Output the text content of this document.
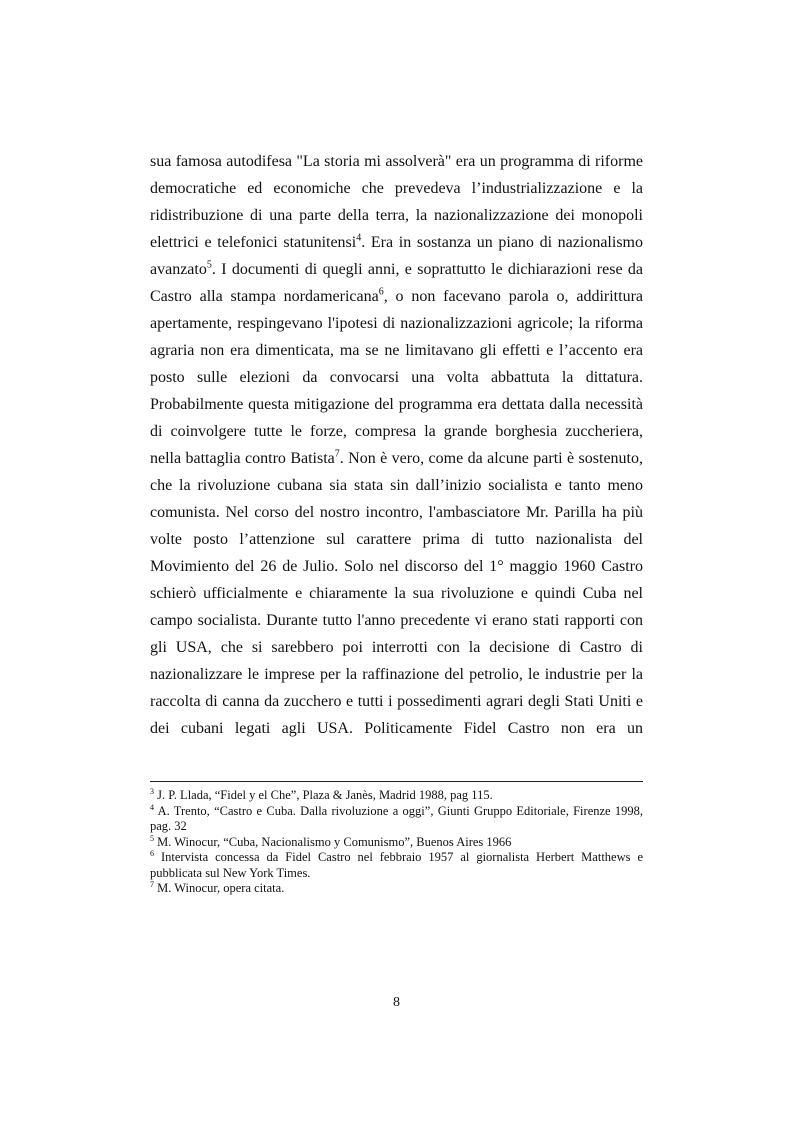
sua famosa autodifesa "La storia mi assolverà" era un programma di riforme
democratiche ed economiche che prevedeva l’industrializzazione e la
ridistribuzione di una parte della terra, la nazionalizzazione dei monopoli
elettrici e telefonici statunitensi$^4$. Era in sostanza un piano di nazionalismo
avanzato$^5$. I documenti di quegli anni, e soprattutto le dichiarazioni rese da
Castro alla stampa nordamericana$^6$, o non facevano parola o, addirittura
apertamente, respingevano l'ipotesi di nazionalizzazioni agricole; la riforma
agraria non era dimenticata, ma se ne limitavano gli effetti e l’accento era
posto sulle elezioni da convocarsi una volta abbattuta la dittatura.
Probabilmente questa mitigazione del programma era dettata dalla necessità
di coinvolgere tutte le forze, compresa la grande borghesia zuccheriera,
nella battaglia contro Batista$^7$. Non è vero, come da alcune parti è sostenuto,
che la rivoluzione cubana sia stata sin dall’inizio socialista e tanto meno
comunista. Nel corso del nostro incontro, l'ambasciatore Mr. Parilla ha più
volte posto l’attenzione sul carattere prima di tutto nazionalista del
Movimiento del 26 de Julio. Solo nel discorso del 1° maggio 1960 Castro
schierò ufficialmente e chiaramente la sua rivoluzione e quindi Cuba nel
campo socialista. Durante tutto l'anno precedente vi erano stati rapporti con
gli USA, che si sarebbero poi interrotti con la decisione di Castro di
nazionalizzare le imprese per la raffinazione del petrolio, le industrie per la
raccolta di canna da zucchero e tutti i possedimenti agrari degli Stati Uniti e
dei cubani legati agli USA. Politicamente Fidel Castro non era un
$^3$ J. P. Llada, “Fidel y el Che”, Plaza & Janès, Madrid 1988, pag 115.
$^4$ A. Trento, “Castro e Cuba. Dalla rivoluzione a oggi”, Giunti Gruppo Editoriale, Firenze 1998, pag. 32
$^5$ M. Winocur, “Cuba, Nacionalismo y Comunismo”, Buenos Aires 1966
$^6$ Intervista concessa da Fidel Castro nel febbraio 1957 al giornalista Herbert Matthews e pubblicata sul New York Times.
$^7$ M. Winocur, opera citata.
8
